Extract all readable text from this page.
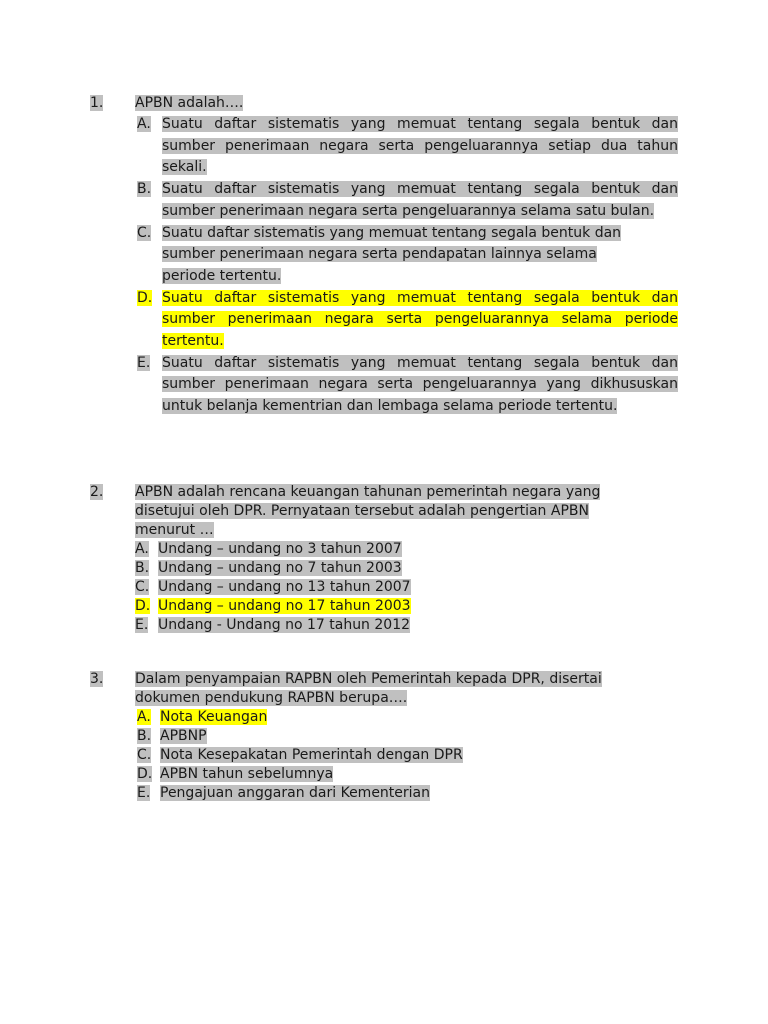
1.	APBN adalah….
A. Suatu daftar sistematis yang memuat tentang segala bentuk dan sumber penerimaan negara serta pengeluarannya setiap dua tahun sekali.
B. Suatu daftar sistematis yang memuat tentang segala bentuk dan sumber penerimaan negara serta pengeluarannya selama satu bulan.
C. Suatu daftar sistematis yang memuat tentang segala bentuk dan sumber penerimaan negara serta pendapatan lainnya selama periode tertentu.
D. Suatu daftar sistematis yang memuat tentang segala bentuk dan sumber penerimaan negara serta pengeluarannya selama periode tertentu.
E. Suatu daftar sistematis yang memuat tentang segala bentuk dan sumber penerimaan negara serta pengeluarannya yang dikhususkan untuk belanja kementrian dan lembaga selama periode tertentu.
2.	APBN adalah rencana keuangan tahunan pemerintah negara yang disetujui oleh DPR. Pernyataan tersebut adalah pengertian APBN menurut …
A. Undang – undang no 3 tahun 2007
B. Undang – undang no 7 tahun 2003
C. Undang – undang no 13 tahun 2007
D. Undang – undang no 17 tahun 2003
E. Undang - Undang no 17 tahun 2012
3.	Dalam penyampaian RAPBN oleh Pemerintah kepada DPR, disertai dokumen pendukung RAPBN berupa….
A. Nota Keuangan
B. APBNP
C. Nota Kesepakatan Pemerintah dengan DPR
D. APBN tahun sebelumnya
E. Pengajuan anggaran dari Kementerian
